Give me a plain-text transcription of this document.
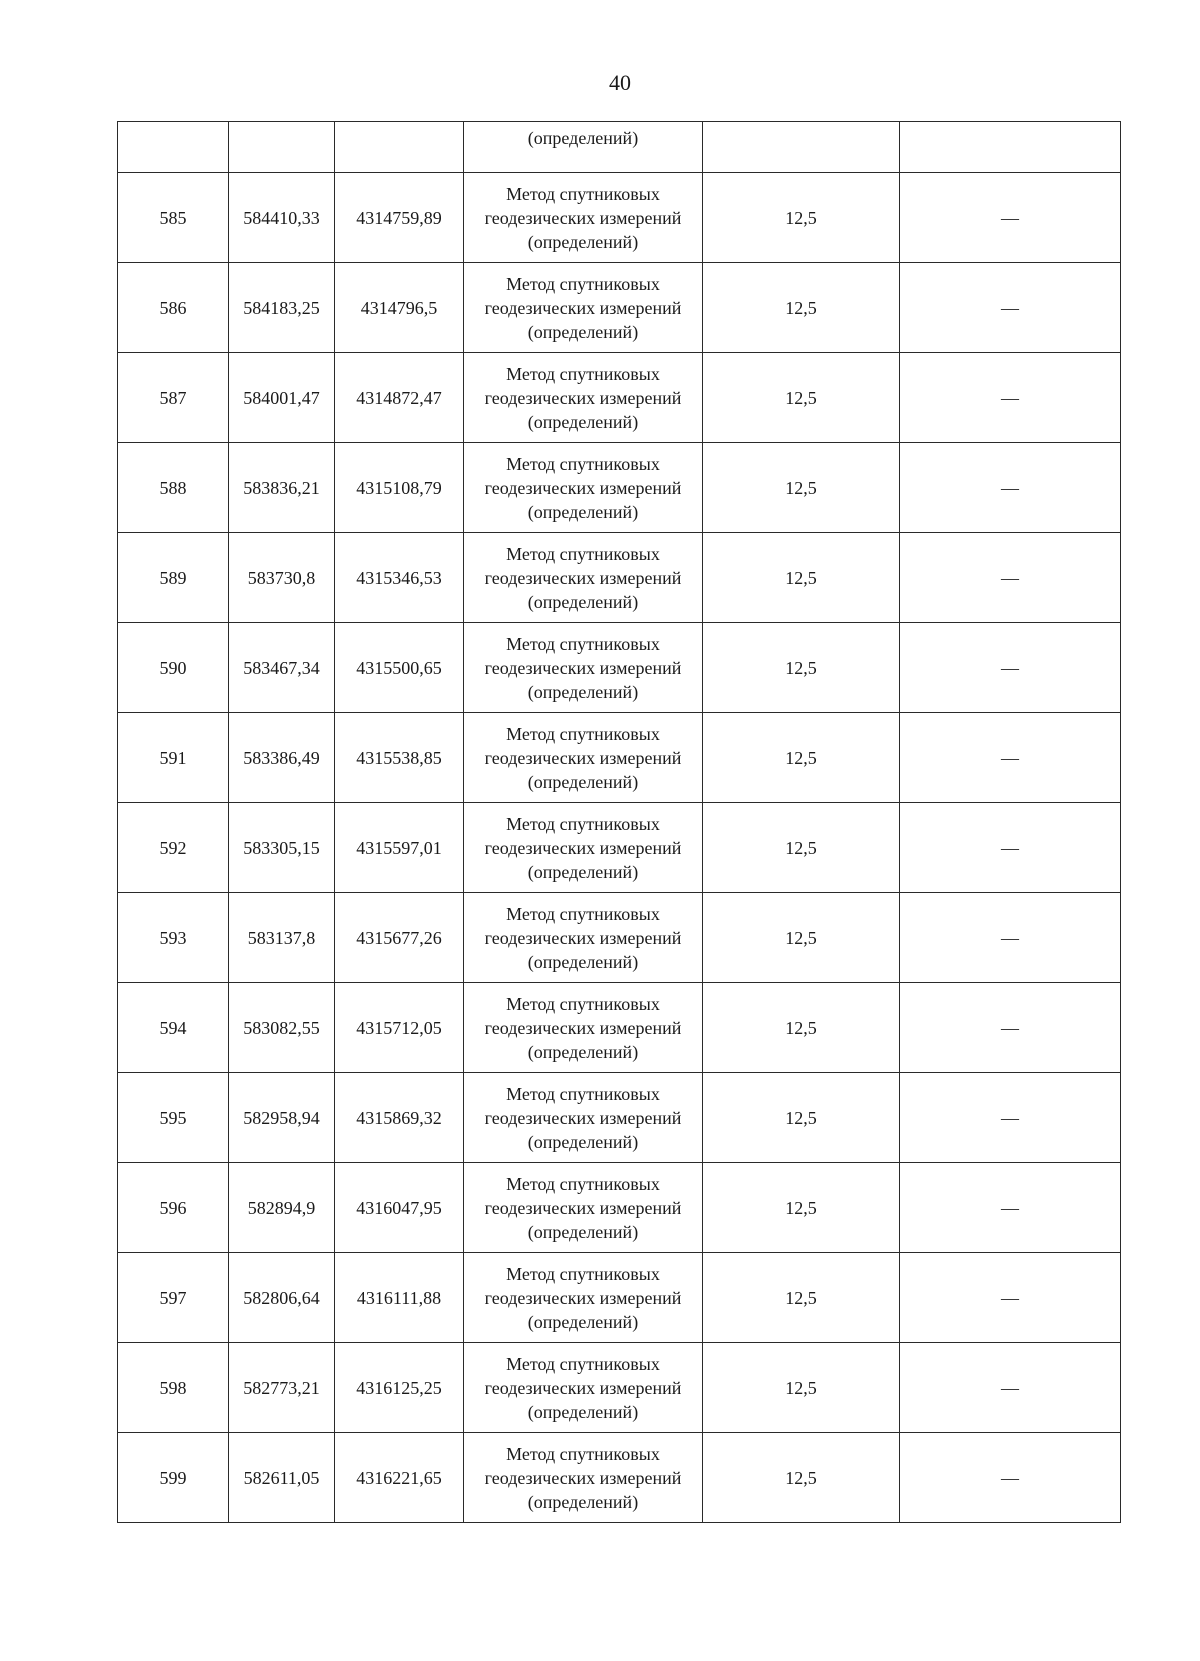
40
			(определений)		
585	584410,33	4314759,89	Метод спутниковых
геодезических измерений
(определений)	12,5	—
586	584183,25	4314796,5	Метод спутниковых
геодезических измерений
(определений)	12,5	—
587	584001,47	4314872,47	Метод спутниковых
геодезических измерений
(определений)	12,5	—
588	583836,21	4315108,79	Метод спутниковых
геодезических измерений
(определений)	12,5	—
589	583730,8	4315346,53	Метод спутниковых
геодезических измерений
(определений)	12,5	—
590	583467,34	4315500,65	Метод спутниковых
геодезических измерений
(определений)	12,5	—
591	583386,49	4315538,85	Метод спутниковых
геодезических измерений
(определений)	12,5	—
592	583305,15	4315597,01	Метод спутниковых
геодезических измерений
(определений)	12,5	—
593	583137,8	4315677,26	Метод спутниковых
геодезических измерений
(определений)	12,5	—
594	583082,55	4315712,05	Метод спутниковых
геодезических измерений
(определений)	12,5	—
595	582958,94	4315869,32	Метод спутниковых
геодезических измерений
(определений)	12,5	—
596	582894,9	4316047,95	Метод спутниковых
геодезических измерений
(определений)	12,5	—
597	582806,64	4316111,88	Метод спутниковых
геодезических измерений
(определений)	12,5	—
598	582773,21	4316125,25	Метод спутниковых
геодезических измерений
(определений)	12,5	—
599	582611,05	4316221,65	Метод спутниковых
геодезических измерений
(определений)	12,5	—
